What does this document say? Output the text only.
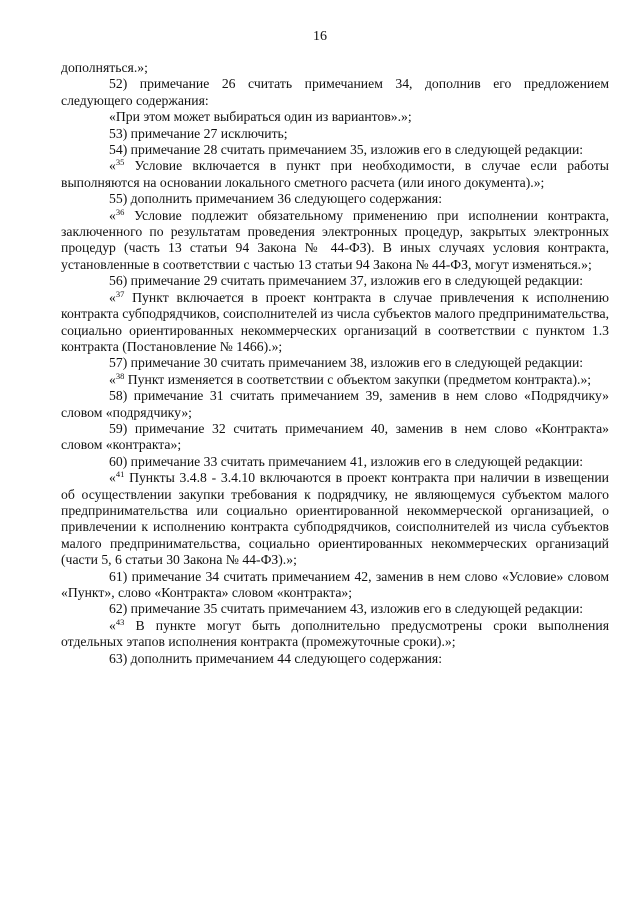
16

дополняться.»;

52) примечание 26 считать примечанием 34, дополнив его предложением следующего содержания:

«При этом может выбираться один из вариантов».»;

53) примечание 27 исключить;

54) примечание 28 считать примечанием 35, изложив его в следующей редакции:

«$^{35}$ Условие включается в пункт при необходимости, в случае если работы выполняются на основании локального сметного расчета (или иного документа).»;

55) дополнить примечанием 36 следующего содержания:

«$^{36}$ Условие подлежит обязательному применению при исполнении контракта, заключенного по результатам проведения электронных процедур, закрытых электронных процедур (часть 13 статьи 94 Закона № 44-ФЗ). В иных случаях условия контракта, установленные в соответствии с частью 13 статьи 94 Закона № 44-ФЗ, могут изменяться.»;

56) примечание 29 считать примечанием 37, изложив его в следующей редакции:

«$^{37}$ Пункт включается в проект контракта в случае привлечения к исполнению контракта субподрядчиков, соисполнителей из числа субъектов малого предпринимательства, социально ориентированных некоммерческих организаций в соответствии с пунктом 1.3 контракта (Постановление № 1466).»;

57) примечание 30 считать примечанием 38, изложив его в следующей редакции:

«$^{38}$ Пункт изменяется в соответствии с объектом закупки (предметом контракта).»;

58) примечание 31 считать примечанием 39, заменив в нем слово «Подрядчику» словом «подрядчику»;

59) примечание 32 считать примечанием 40, заменив в нем слово «Контракта» словом «контракта»;

60) примечание 33 считать примечанием 41, изложив его в следующей редакции:

«$^{41}$ Пункты 3.4.8 - 3.4.10 включаются в проект контракта при наличии в извещении об осуществлении закупки требования к подрядчику, не являющемуся субъектом малого предпринимательства или социально ориентированной некоммерческой организацией, о привлечении к исполнению контракта субподрядчиков, соисполнителей из числа субъектов малого предпринимательства, социально ориентированных некоммерческих организаций (части 5, 6 статьи 30 Закона № 44-ФЗ).»;

61) примечание 34 считать примечанием 42, заменив в нем слово «Условие» словом «Пункт», слово «Контракта» словом «контракта»;

62) примечание 35 считать примечанием 43, изложив его в следующей редакции:

«$^{43}$ В пункте могут быть дополнительно предусмотрены сроки выполнения отдельных этапов исполнения контракта (промежуточные сроки).»;

63) дополнить примечанием 44 следующего содержания:
